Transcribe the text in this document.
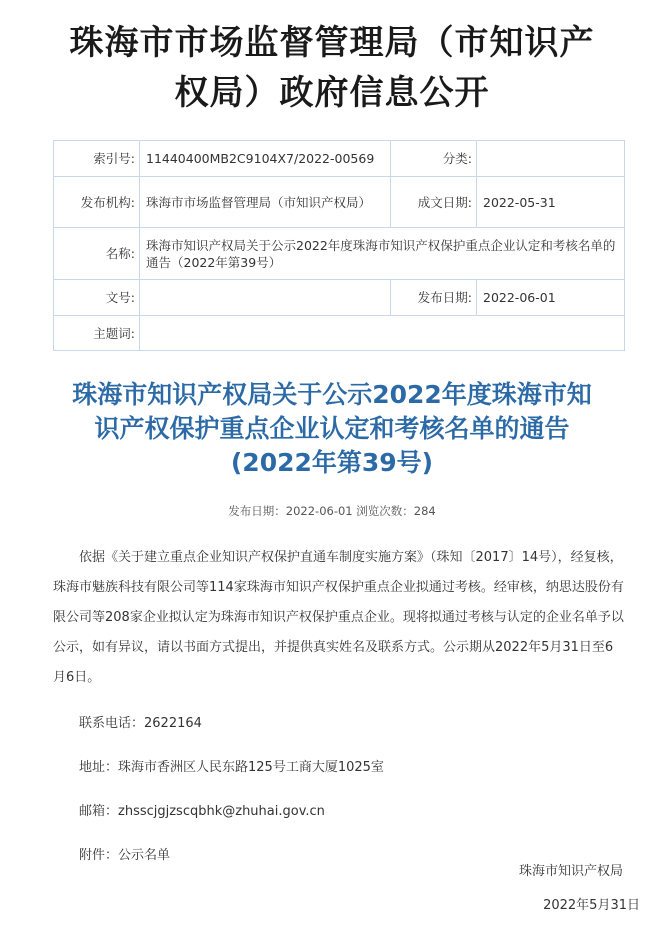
珠海市市场监督管理局（市知识产
权局）政府信息公开
索引号:	11440400MB2C9104X7/2022-00569	分类:	
发布机构:	珠海市市场监督管理局（市知识产权局）	成文日期:	2022-05-31
名称:	珠海市知识产权局关于公示2022年度珠海市知识产权保护重点企业认定和考核名单的通告（2022年第39号）		
文号:		发布日期:	2022-06-01
主题词:			
珠海市知识产权局关于公示2022年度珠海市知
识产权保护重点企业认定和考核名单的通告
(2022年第39号)
发布日期：2022-06-01 浏览次数：284

依据《关于建立重点企业知识产权保护直通车制度实施方案》（珠知〔2017〕14号），经复核，珠海市魅族科技有限公司等114家珠海市知识产权保护重点企业拟通过考核。经审核，纳思达股份有限公司等208家企业拟认定为珠海市知识产权保护重点企业。现将拟通过考核与认定的企业名单予以公示，如有异议，请以书面方式提出，并提供真实姓名及联系方式。公示期从2022年5月31日至6月6日。

联系电话：2622164

地址：珠海市香洲区人民东路125号工商大厦1025室

邮箱：zhsscjgjzscqbhk@zhuhai.gov.cn

附件：公示名单

珠海市知识产权局
2022年5月31日
